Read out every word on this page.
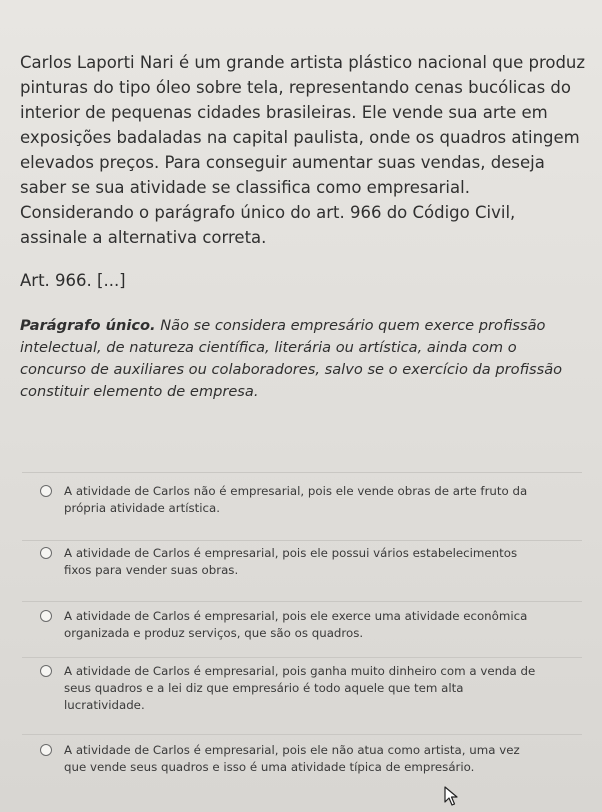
Carlos Laporti Nari é um grande artista plástico nacional que produz pinturas do tipo óleo sobre tela, representando cenas bucólicas do interior de pequenas cidades brasileiras. Ele vende sua arte em exposições badaladas na capital paulista, onde os quadros atingem elevados preços. Para conseguir aumentar suas vendas, deseja saber se sua atividade se classifica como empresarial. Considerando o parágrafo único do art. 966 do Código Civil, assinale a alternativa correta.

Art. 966. [...]

Parágrafo único. Não se considera empresário quem exerce profissão intelectual, de natureza científica, literária ou artística, ainda com o concurso de auxiliares ou colaboradores, salvo se o exercício da profissão constituir elemento de empresa.

A atividade de Carlos não é empresarial, pois ele vende obras de arte fruto da própria atividade artística.
A atividade de Carlos é empresarial, pois ele possui vários estabelecimentos fixos para vender suas obras.
A atividade de Carlos é empresarial, pois ele exerce uma atividade econômica organizada e produz serviços, que são os quadros.
A atividade de Carlos é empresarial, pois ganha muito dinheiro com a venda de seus quadros e a lei diz que empresário é todo aquele que tem alta lucratividade.
A atividade de Carlos é empresarial, pois ele não atua como artista, uma vez que vende seus quadros e isso é uma atividade típica de empresário.
